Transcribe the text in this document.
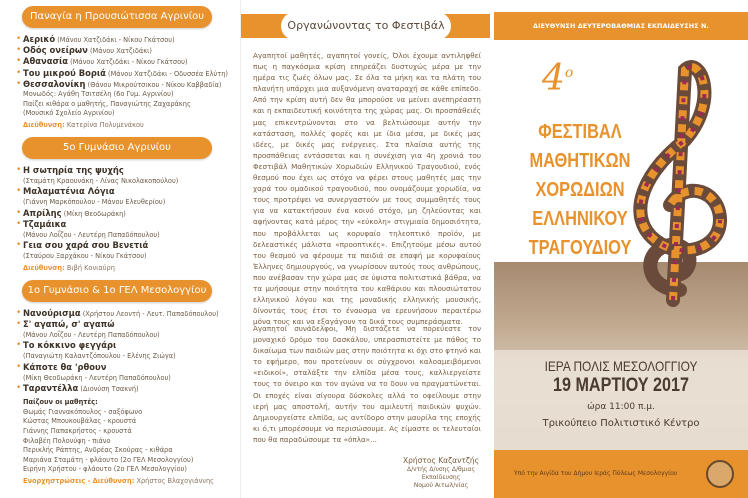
Παναγία η Προυσιώτισσα Αγρινίου
• Αερικό (Μάνου Χατζιδάκι - Νίκου Γκάτσου)
• Οδός ονείρων (Μάνου Χατζιδάκι)
• Αθανασία (Μάνου Χατζιδάκι - Νίκου Γκάτσου)
• Του μικρού Βοριά (Μάνου Χατζιδάκι - Οδυσσέα Ελύτη)
• Θεσσαλονίκη (Θάνου Μικρούτσικου - Νίκου Καββαδία)
Μονωδός: Αγάθη Τσιτσέλη (6ο Γυμ. Αγρινίου)
Παίζει κιθάρα ο μαθητής, Παναγιώτης Ζαχαράκης
(Μουσικό Σχολείο Αγρινίου)
Διεύθυνση: Κατερίνα Πολυμενάκου
5ο Γυμνάσιο Αγρινίου
• Η σωτηρία της ψυχής
(Σταμάτη Κραουνάκη - Λίνας Νικολακοπούλου)
• Μαλαματένια Λόγια
(Γιάννη Μαρκόπουλου - Μάνου Ελευθερίου)
• Απρίλης (Μίκη Θεοδωράκη)
• Τζαμάικα
(Μάνου Λοΐζου - Λευτέρη Παπαδόπουλου)
• Γεια σου χαρά σου Βενετιά
(Σταύρου Ξαρχάκου - Νίκου Γκάτσου)
Διεύθυνση: Βιβή Κονιαύρη
1ο Γυμνάσιο & 1ο ΓΕΛ Μεσολογγίου
• Νανούρισμα (Χρήστου Λεοντή - Λευτ. Παπαδόπουλου)
• Σ' αγαπώ, σ' αγαπώ
(Μάνου Λοΐζου - Λευτέρη Παπαδόπουλου)
• Το κόκκινο φεγγάρι
(Παναγιώτη Καλαντζόπουλου - Ελένης Ζιώγα)
• Κάποτε θα 'ρθουν
(Μίκη Θεοδωράκη - Λευτέρη Παπαδόπουλου)
• Ταραντέλλα (Διονύση Τσακνή)
Παίζουν οι μαθητές:
Θωμάς Γιαννακόπουλος - σαξόφωνο
Κώστας Μπουκουβάλας - κρουστά
Γιάννης Παπακρήστος - κρουστά
Φιλαβέη Πολονύφη - πιάνο
Περικλής Ράπτης, Ανδρέας Σκούρας - κιθάρα
Μαριάνα Σταμάτη - φλάουτο (2ο ΓΕΛ Μεσολογγίου)
Ειρήνη Χρήστου - φλάουτο (2ο ΓΕΛ Μεσολογγίου)
Ενορχηστρώσεις - Διεύθυνση: Χρήστος Βλαχογιάννης
Οργανώνοντας το Φεστιβάλ

Αγαπητοί μαθητές, αγαπητοί γονείς, Όλοι έχουμε αντιληφθεί πως η παγκόσμια κρίση επηρεάζει δυστυχώς μέρα με την ημέρα τις ζωές όλων μας. Σε όλα τα μήκη και τα πλάτη του πλανήτη υπάρχει μια αυξανόμενη αναταραχή σε κάθε επίπεδο. Από την κρίση αυτή δεν θα μπορούσε να μείνει ανεπηρέαστη και η εκπαιδευτική κοινότητα της χώρας μας. Οι προσπάθειές μας επικεντρώνονται στο να βελτιώσουμε αυτήν την κατάσταση, πολλές φορές και με ίδια μέσα, με δικές μας ιδέες, με δικές μας ενέργειες. Στα πλαίσια αυτής της προσπάθειας εντάσσεται και η συνέχιση για 4η χρονιά του Φεστιβάλ Μαθητικών Χορωδιών Ελληνικού Τραγουδιού, ενός θεσμού που έχει ως στόχο να φέρει στους μαθητές μας την χαρά του ομαδικού τραγουδιού, που ονομάζουμε χορωδία, να τους προτρέψει να συνεργαστούν με τους συμμαθητές τους για να κατακτήσουν ένα κοινό στόχο, μη ζηλεύοντας και αφήνοντας κατά μέρος την «εύκολη» στιγμιαία δημοσιότητα, που προβάλλεται ως κορυφαίο τηλεοπτικό προϊόν, με δελεαστικές μάλιστα «προοπτικές». Επιζητούμε μέσω αυτού του θεσμού να φέρουμε τα παιδιά σε επαφή με κορυφαίους Έλληνες δημιουργούς, να γνωρίσουν αυτούς τους ανθρώπους, που ανέβασαν την χώρα μας σε ύψιστα πολιτιστικά βάθρα, να τα μυήσουμε στην ποιότητα του καθάριου και πλουσιώτατου ελληνικού λόγου και της μοναδικής ελληνικής μουσικής, δίνοντάς τους έτσι το έναυσμα να ερευνήσουν περαιτέρω μόνα τους και να εξαγάγουν τα δικά τους συμπεράσματα.

Αγαπητοί συνάδελφοι, Μη διστάζετε να πορεύεστε τον μοναχικό δρόμο του δασκάλου, υπερασπιστείτε με πάθος το δικαίωμα των παιδιών μας στην ποιότητα κι όχι στο φτηνό και το εφήμερο, που προτείνουν οι σύγχρονοι καλοαμειβόμενοι «ειδικοί», σταλάξτε την ελπίδα μέσα τους, καλλιεργείστε τους το όνειρο και τον αγώνα να το δουν να πραγματώνεται. Οι εποχές είναι σίγουρα δύσκολες αλλά το οφείλουμε στην ιερή μας αποστολή, αυτήν του αμιλευτή παιδικών ψυχών. Δημιουργείστε ελπίδα, ως αντίδoρο στην μαυρίλα της εποχής κι ό,τι μπορέσουμε να περισώσουμε. Ας είμαστε οι τελευταίοι που θα παραδώσουμε τα «όπλα»...

Χρήστος Καζαντζής
Δ/ντής Δ/νσης Δ/θμιας Εκπαίδευσης
Νομού Αιτωλ/νίας
ΔΙΕΥΘΥΝΣΗ ΔΕΥΤΕΡΟΒΑΘΜΙΑΣ ΕΚΠΑΙΔΕΥΣΗΣ Ν. ΑΙΤΩΛΟΑΚΑΡΝΑΝΙΑΣ
$4^o$
ΦΕΣΤΙΒΑΛ
ΜΑΘΗΤΙΚΩΝ
ΧΟΡΩΔΙΩΝ
ΕΛΛΗΝΙΚΟΥ
ΤΡΑΓΟΥΔΙΟΥ
ΙΕΡΑ ΠΟΛΙΣ ΜΕΣΟΛΟΓΓΙΟΥ
19 ΜΑΡΤΙΟΥ 2017
ώρα 11:00 π.μ.
Τρικούπειο Πολιτιστικό Κέντρο
Υπό την Αιγίδα του Δήμου Ιεράς Πόλεως Μεσολογγίου
